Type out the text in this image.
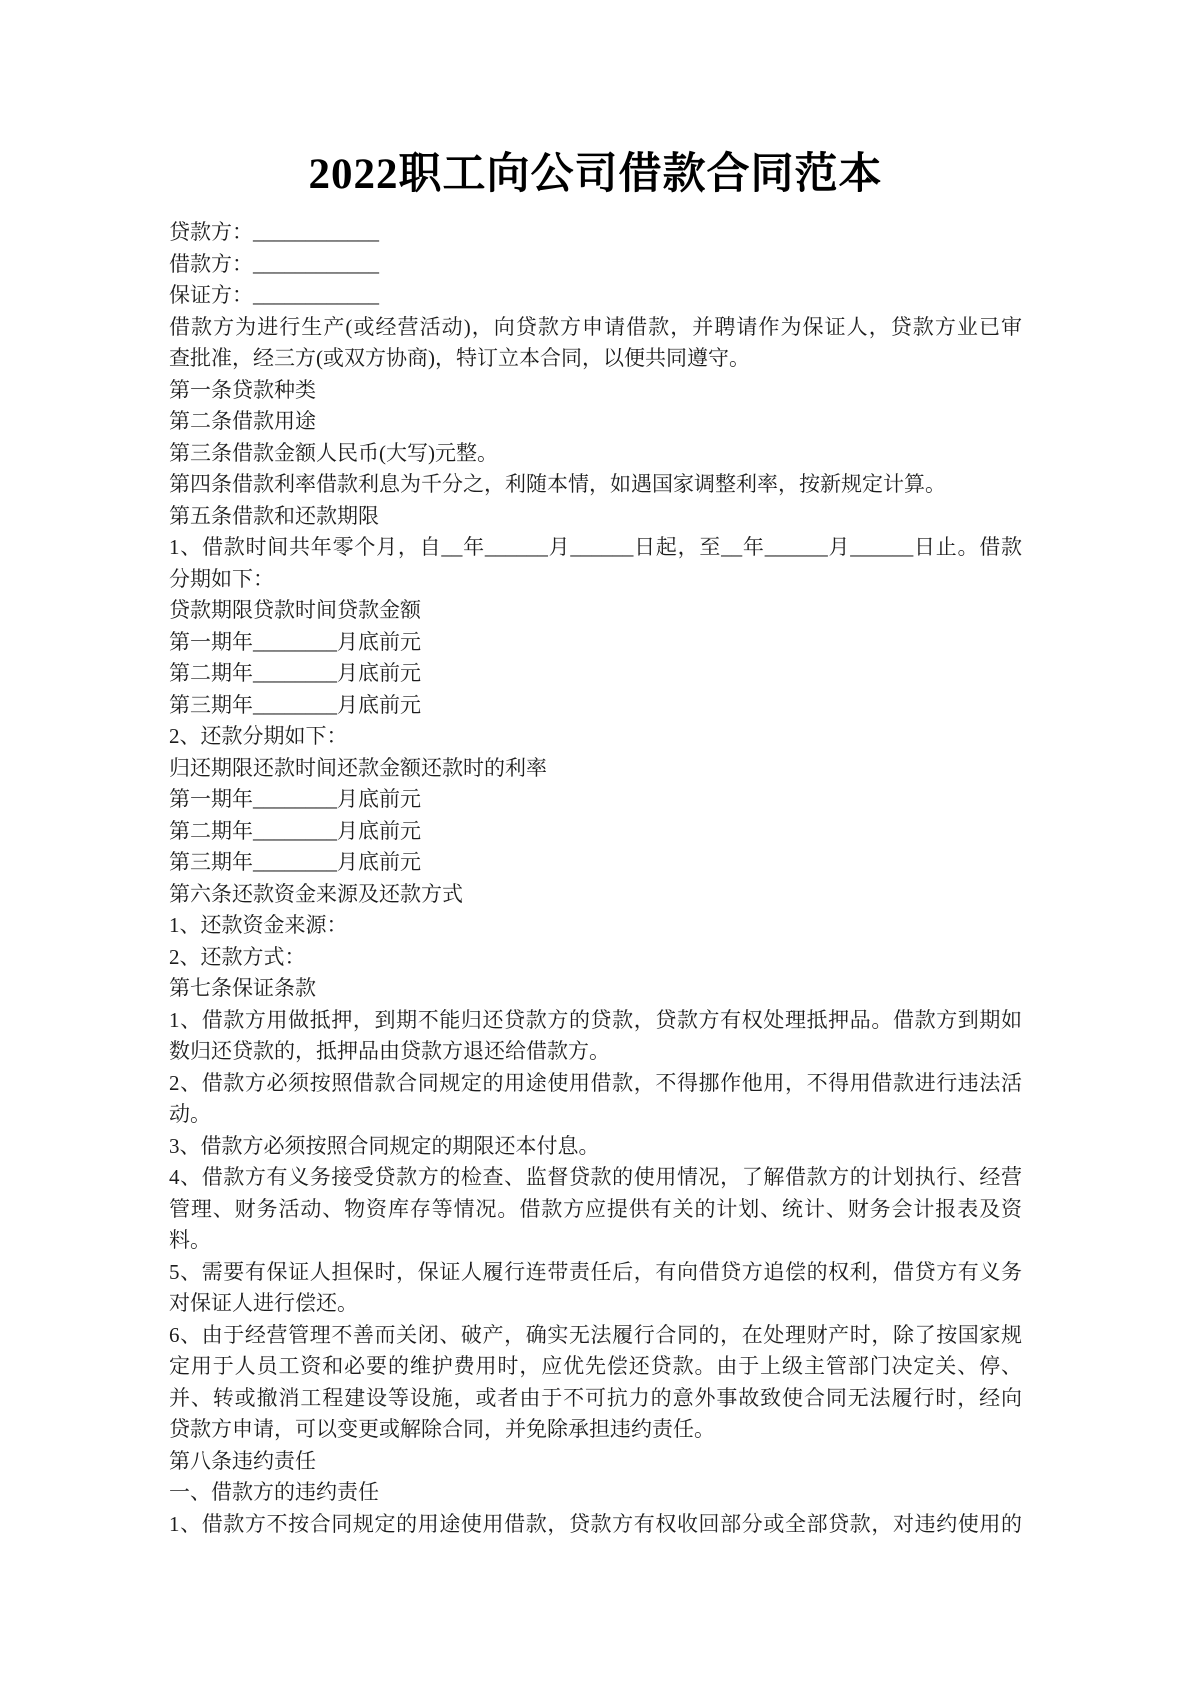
2022职工向公司借款合同范本
贷款方：____________
借款方：____________
保证方：____________
借款方为进行生产(或经营活动)，向贷款方申请借款，并聘请作为保证人，贷款方业已审
查批准，经三方(或双方协商)，特订立本合同，以便共同遵守。
第一条贷款种类
第二条借款用途
第三条借款金额人民币(大写)元整。
第四条借款利率借款利息为千分之，利随本情，如遇国家调整利率，按新规定计算。
第五条借款和还款期限
1、借款时间共年零个月，自__年______月______日起，至__年______月______日止。借款
分期如下：
贷款期限贷款时间贷款金额
第一期年________月底前元
第二期年________月底前元
第三期年________月底前元
2、还款分期如下：
归还期限还款时间还款金额还款时的利率
第一期年________月底前元
第二期年________月底前元
第三期年________月底前元
第六条还款资金来源及还款方式
1、还款资金来源：
2、还款方式：
第七条保证条款
1、借款方用做抵押，到期不能归还贷款方的贷款，贷款方有权处理抵押品。借款方到期如
数归还贷款的，抵押品由贷款方退还给借款方。
2、借款方必须按照借款合同规定的用途使用借款，不得挪作他用，不得用借款进行违法活
动。
3、借款方必须按照合同规定的期限还本付息。
4、借款方有义务接受贷款方的检查、监督贷款的使用情况，了解借款方的计划执行、经营
管理、财务活动、物资库存等情况。借款方应提供有关的计划、统计、财务会计报表及资
料。
5、需要有保证人担保时，保证人履行连带责任后，有向借贷方追偿的权利，借贷方有义务
对保证人进行偿还。
6、由于经营管理不善而关闭、破产，确实无法履行合同的，在处理财产时，除了按国家规
定用于人员工资和必要的维护费用时，应优先偿还贷款。由于上级主管部门决定关、停、
并、转或撤消工程建设等设施，或者由于不可抗力的意外事故致使合同无法履行时，经向
贷款方申请，可以变更或解除合同，并免除承担违约责任。
第八条违约责任
一、借款方的违约责任
1、借款方不按合同规定的用途使用借款，贷款方有权收回部分或全部贷款，对违约使用的
